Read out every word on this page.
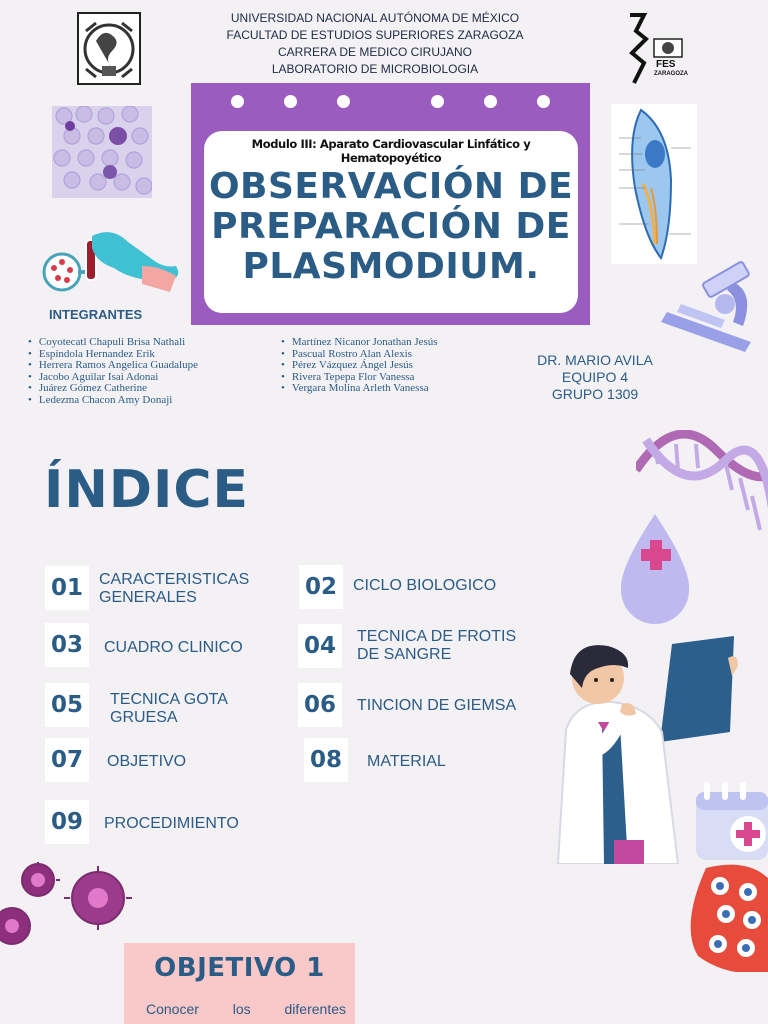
UNIVERSIDAD NACIONAL AUTÓNOMA DE MÉXICO
FACULTAD DE ESTUDIOS SUPERIORES ZARAGOZA
CARRERA DE MEDICO CIRUJANO
LABORATORIO DE MICROBIOLOGIA	FES
ZARAGOZA
Modulo III: Aparato Cardiovascular Linfático y Hematopoyético
OBSERVACIÓN DE
PREPARACIÓN DE
PLASMODIUM.
INTEGRANTES
• Coyotecatl Chapuli Brisa Nathali
• Espíndola Hernandez Erik
• Herrera Ramos Angelica Guadalupe
• Jacobo Aguilar Isai Adonai
• Juárez Gómez Catherine
• Ledezma Chacon Amy Donaji
• Martínez Nicanor Jonathan Jesús
• Pascual Rostro Alan Alexis
• Pérez Vázquez Ángel Jesús
• Rivera Tepepa Flor Vanessa
• Vergara Molina Arleth Vanessa
DR. MARIO AVILA
EQUIPO 4
GRUPO 1309
ÍNDICE
01	CARACTERISTICAS GENERALES	02	CICLO BIOLOGICO
03	CUADRO CLINICO	04	TECNICA DE FROTIS DE SANGRE
05	TECNICA GOTA GRUESA	06	TINCION DE GIEMSA
07	OBJETIVO	08	MATERIAL
09	PROCEDIMIENTO
OBJETIVO 1
Conocer los diferentes
